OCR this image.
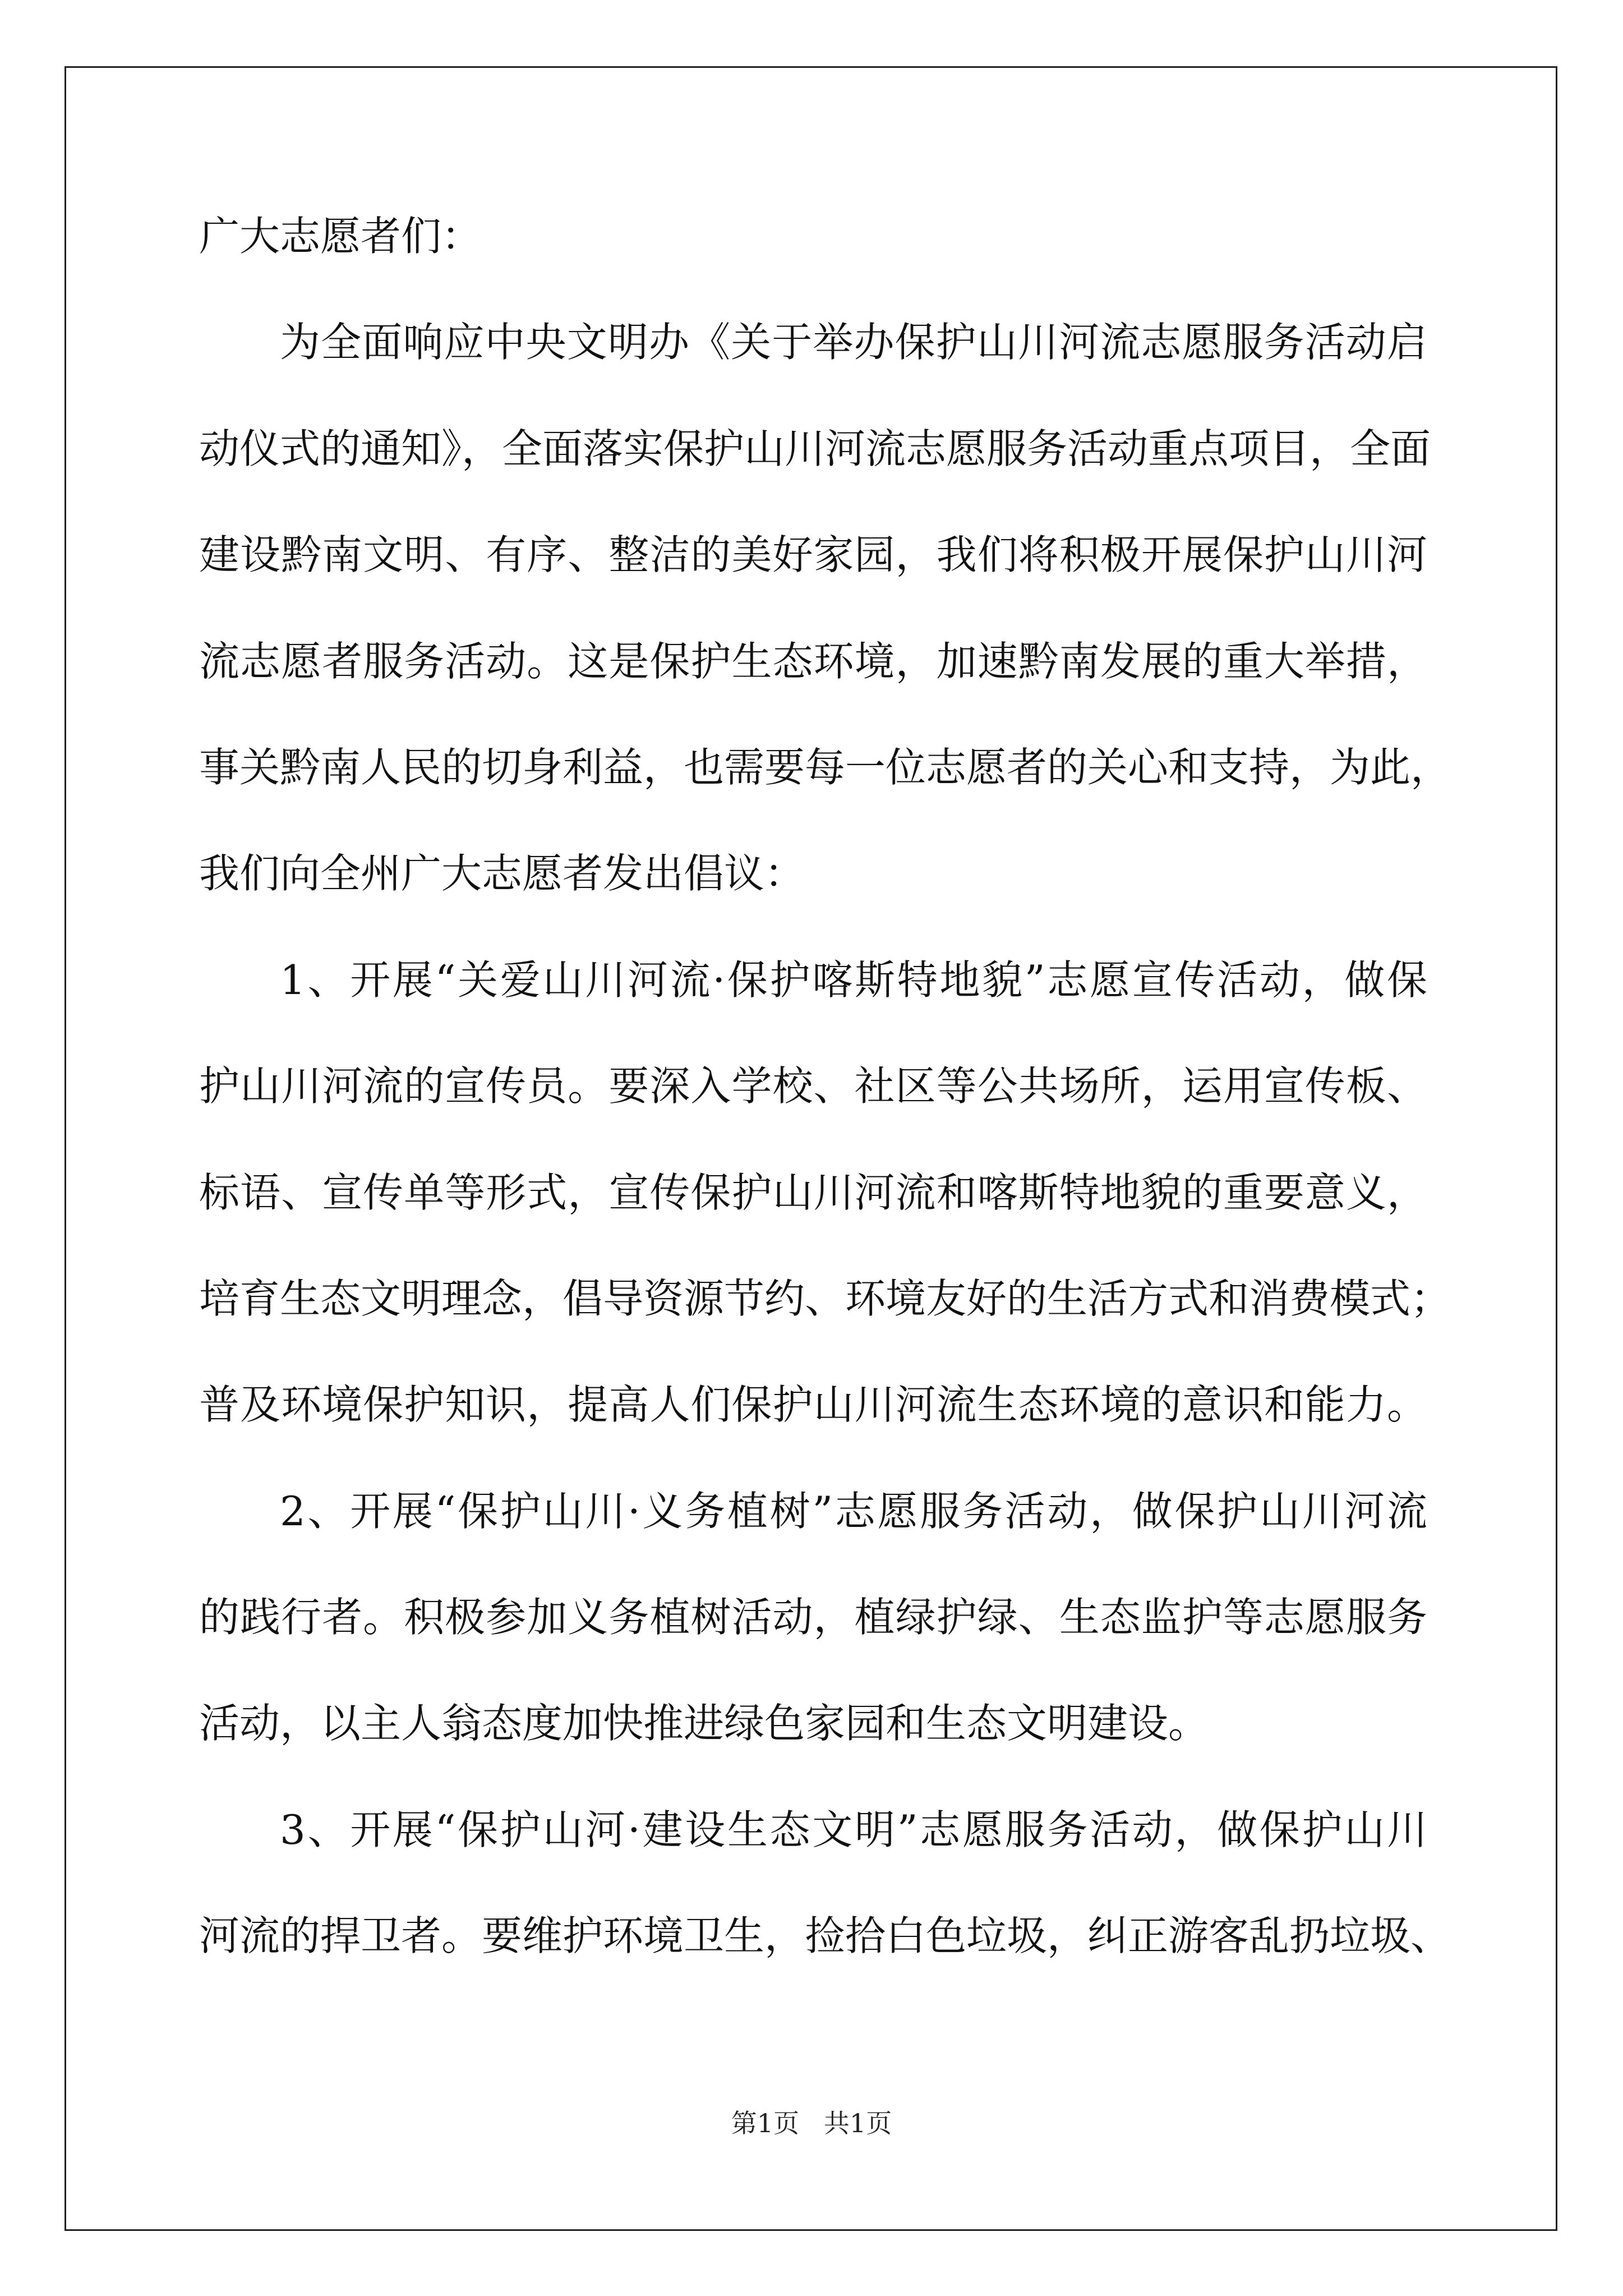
广大志愿者们：
为全面响应中央文明办《关于举办保护山川河流志愿服务活动启
动仪式的通知》，全面落实保护山川河流志愿服务活动重点项目，全面
建设黔南文明、有序、整洁的美好家园，我们将积极开展保护山川河
流志愿者服务活动。这是保护生态环境，加速黔南发展的重大举措，
事关黔南人民的切身利益，也需要每一位志愿者的关心和支持，为此，
我们向全州广大志愿者发出倡议：
1、开展“关爱山川河流·保护喀斯特地貌”志愿宣传活动，做保
护山川河流的宣传员。要深入学校、社区等公共场所，运用宣传板、
标语、宣传单等形式，宣传保护山川河流和喀斯特地貌的重要意义，
培育生态文明理念，倡导资源节约、环境友好的生活方式和消费模式；
普及环境保护知识，提高人们保护山川河流生态环境的意识和能力。
2、开展“保护山川·义务植树”志愿服务活动，做保护山川河流
的践行者。积极参加义务植树活动，植绿护绿、生态监护等志愿服务
活动，以主人翁态度加快推进绿色家园和生态文明建设。
3、开展“保护山河·建设生态文明”志愿服务活动，做保护山川
河流的捍卫者。要维护环境卫生，捡拾白色垃圾，纠正游客乱扔垃圾、
第1页   共1页
